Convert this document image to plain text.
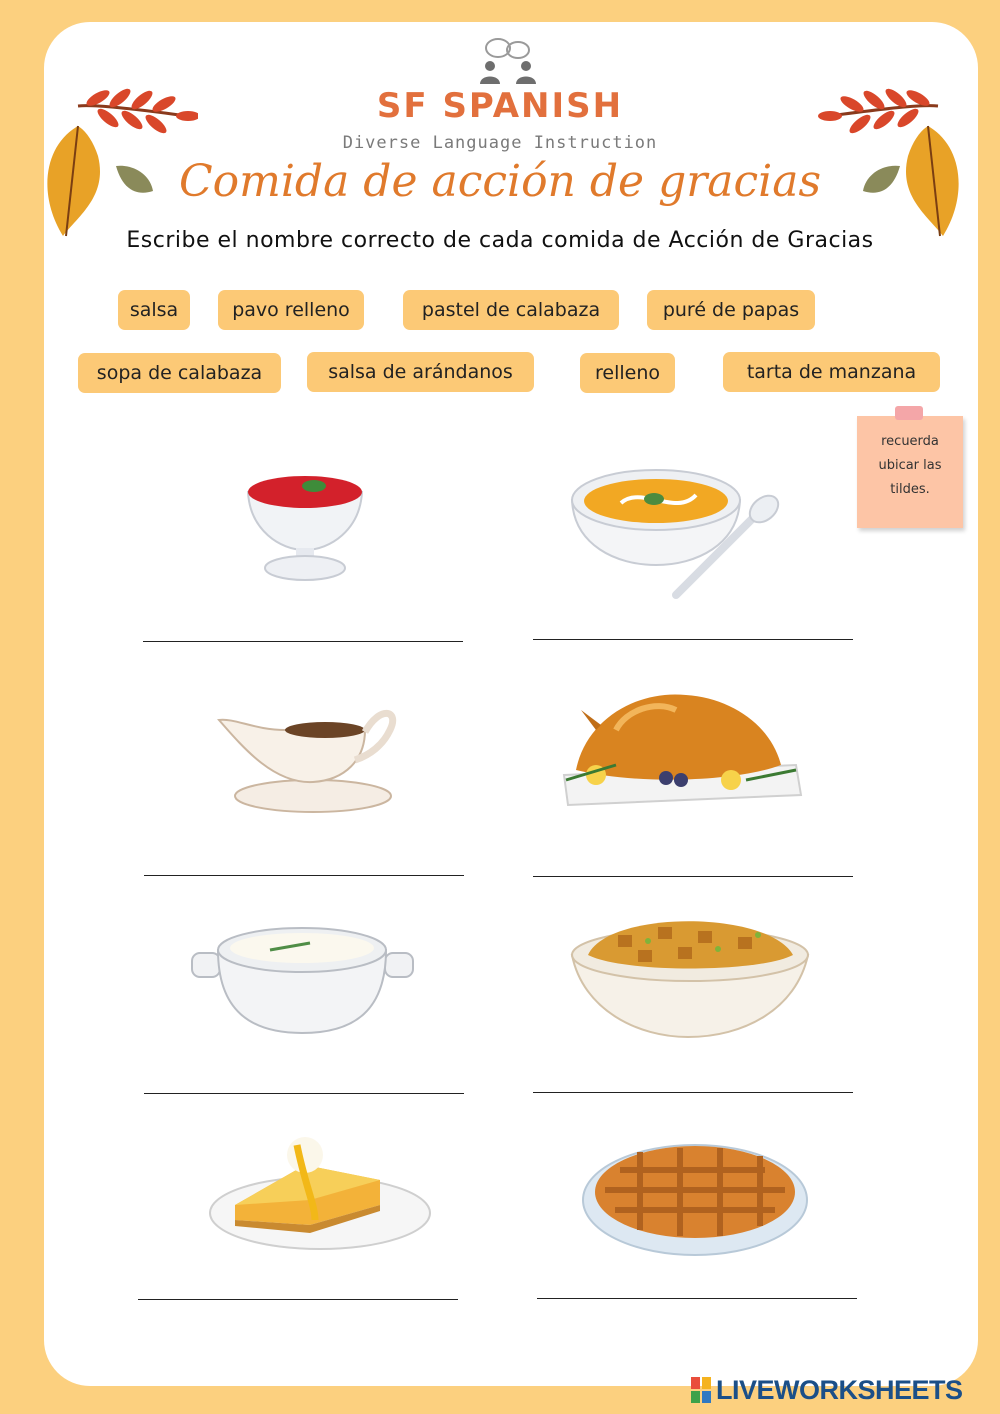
SF SPANISH
Diverse Language Instruction
Comida de acción de gracias
Escribe el nombre correcto de cada comida de Acción de Gracias
salsa	pavo relleno	pastel de calabaza	puré de papas
sopa de calabaza	salsa de arándanos	relleno	tarta de manzana
recuerda
ubicar las
tildes.
LIVEWORKSHEETS
